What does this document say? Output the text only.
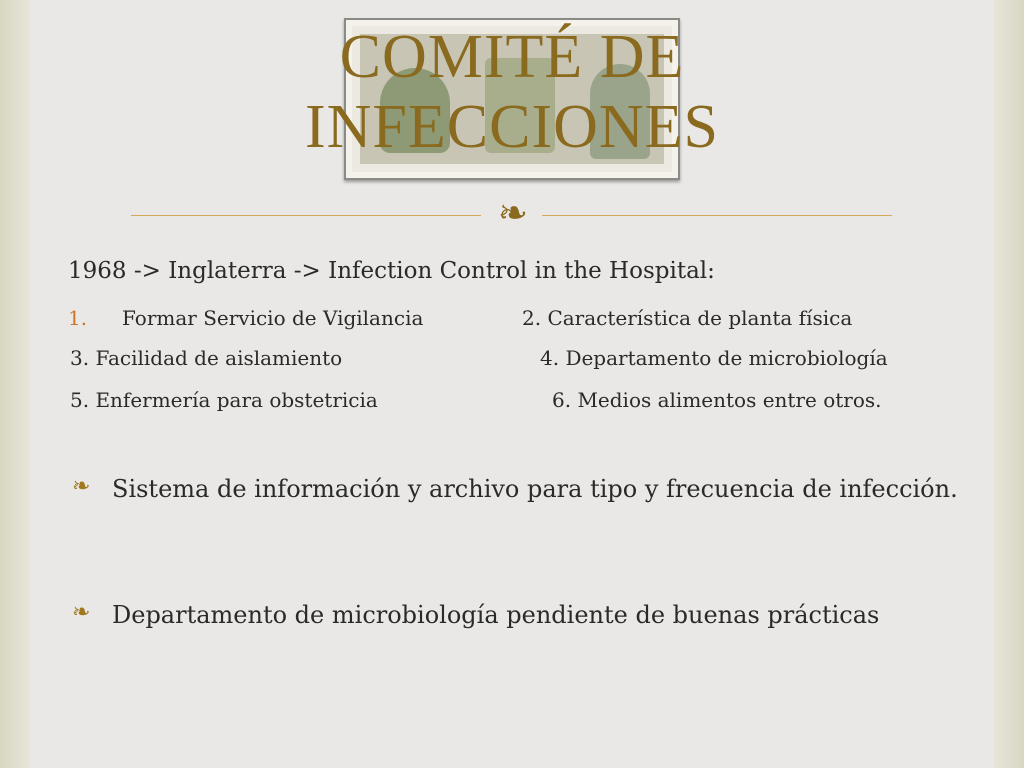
COMITÉ DE
INFECCIONES
❧
1968 -> Inglaterra -> Infection Control in the Hospital:
1. Formar Servicio de Vigilancia	2. Característica de planta física
3. Facilidad de aislamiento	4. Departamento de microbiología
5. Enfermería para obstetricia	6. Medios alimentos entre otros.
❧ Sistema de información y archivo para tipo y frecuencia de infección.
❧ Departamento de microbiología pendiente de buenas prácticas
